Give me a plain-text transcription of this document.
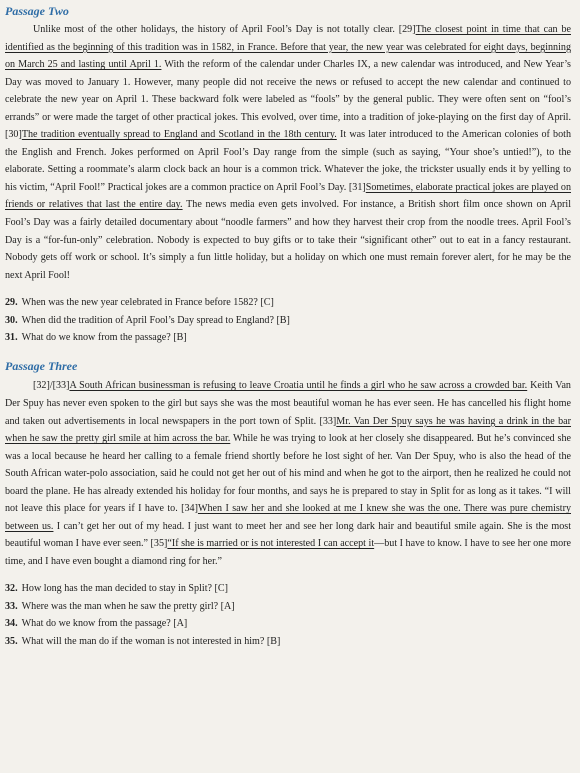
Passage Two

Unlike most of the other holidays, the history of April Fool’s Day is not totally clear. [29]The closest point in time that can be identified as the beginning of this tradition was in 1582, in France. Before that year, the new year was celebrated for eight days, beginning on March 25 and lasting until April 1. With the reform of the calendar under Charles IX, a new calendar was introduced, and New Year’s Day was moved to January 1. However, many people did not receive the news or refused to accept the new calendar and continued to celebrate the new year on April 1. These backward folk were labeled as “fools” by the general public. They were often sent on “fool’s errands” or were made the target of other practical jokes. This evolved, over time, into a tradition of joke-playing on the first day of April. [30]The tradition eventually spread to England and Scotland in the 18th century. It was later introduced to the American colonies of both the English and French. Jokes performed on April Fool’s Day range from the simple (such as saying, “Your shoe’s untied!”), to the elaborate. Setting a roommate’s alarm clock back an hour is a common trick. Whatever the joke, the trickster usually ends it by yelling to his victim, “April Fool!” Practical jokes are a common practice on April Fool’s Day. [31]Sometimes, elaborate practical jokes are played on friends or relatives that last the entire day. The news media even gets involved. For instance, a British short film once shown on April Fool’s Day was a fairly detailed documentary about “noodle farmers” and how they harvest their crop from the noodle trees. April Fool’s Day is a “for-fun-only” celebration. Nobody is expected to buy gifts or to take their “significant other” out to eat in a fancy restaurant. Nobody gets off work or school. It’s simply a fun little holiday, but a holiday on which one must remain forever alert, for he may be the next April Fool!

29. When was the new year celebrated in France before 1582? [C]
30. When did the tradition of April Fool’s Day spread to England? [B]
31. What do we know from the passage? [B]
Passage Three

[32]/[33]A South African businessman is refusing to leave Croatia until he finds a girl who he saw across a crowded bar. Keith Van Der Spuy has never even spoken to the girl but says she was the most beautiful woman he has ever seen. He has cancelled his flight home and taken out advertisements in local newspapers in the port town of Split. [33]Mr. Van Der Spuy says he was having a drink in the bar when he saw the pretty girl smile at him across the bar. While he was trying to look at her closely she disappeared. But he’s convinced she was a local because he heard her calling to a female friend shortly before he lost sight of her. Van Der Spuy, who is also the head of the South African water-polo association, said he could not get her out of his mind and when he got to the airport, then he realized he could not board the plane. He has already extended his holiday for four months, and says he is prepared to stay in Split for as long as it takes. “I will not leave this place for years if I have to. [34]When I saw her and she looked at me I knew she was the one. There was pure chemistry between us. I can’t get her out of my head. I just want to meet her and see her long dark hair and beautiful smile again. She is the most beautiful woman I have ever seen.” [35]“If she is married or is not interested I can accept it—but I have to know. I have to see her one more time, and I have even bought a diamond ring for her.”

32. How long has the man decided to stay in Split? [C]
33. Where was the man when he saw the pretty girl? [A]
34. What do we know from the passage? [A]
35. What will the man do if the woman is not interested in him? [B]
